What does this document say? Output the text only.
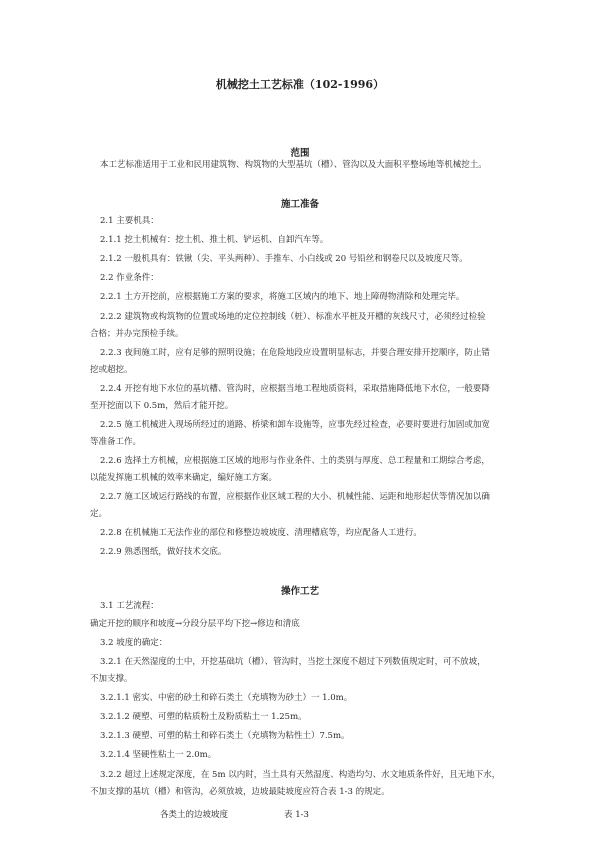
机械挖土工艺标准（102-1996）
范围
本工艺标准适用于工业和民用建筑物、构筑物的大型基坑（槽）、管沟以及大面积平整场地等机械挖土。
施工准备
2.1 主要机具：
2.1.1 挖土机械有：挖土机、推土机、铲运机、自卸汽车等。
2.1.2 一般机具有：铁锹（尖、平头两种）、手推车、小白线或 20 号铅丝和钢卷尺以及坡度尺等。
2.2 作业条件：
2.2.1 土方开挖前，应根据施工方案的要求，将施工区域内的地下、地上障碍物清除和处理完毕。
2.2.2 建筑物或构筑物的位置或场地的定位控制线（桩）、标准水平桩及开槽的灰线尺寸，必须经过检验
合格；并办完预检手续。
2.2.3 夜间施工时，应有足够的照明设施；在危险地段应设置明显标志，并要合理安排开挖顺序，防止错
挖或超挖。
2.2.4 开挖有地下水位的基坑槽、管沟时，应根据当地工程地质资料，采取措施降低地下水位，一般要降
至开挖面以下 0.5m，然后才能开挖。
2.2.5 施工机械进入现场所经过的道路、桥梁和卸车设施等，应事先经过检查，必要时要进行加固或加宽
等准备工作。
2.2.6 选择土方机械，应根据施工区域的地形与作业条件、土的类别与厚度、总工程量和工期综合考虑，
以能发挥施工机械的效率来确定，编好施工方案。
2.2.7 施工区域运行路线的布置，应根据作业区域工程的大小、机械性能、运距和地形起伏等情况加以确
定。
2.2.8 在机械施工无法作业的部位和修整边坡坡度、清理槽底等，均应配备人工进行。
2.2.9 熟悉图纸，做好技术交底。
操作工艺
3.1 工艺流程：
确定开挖的顺序和坡度→分段分层平均下挖→修边和清底
3.2 坡度的确定：
3.2.1 在天然湿度的土中，开挖基础坑（槽）、管沟时，当挖土深度不超过下列数值规定时，可不放坡，
不加支撑。
3.2.1.1 密实、中密的砂土和碎石类土（充填物为砂土）一 1.0m。
3.2.1.2 硬塑、可塑的粘质粉土及粉质粘土一 1.25m。
3.2.1.3 硬塑、可塑的粘土和碎石类土（充填物为粘性土）7.5m。
3.2.1.4 坚硬性粘土一 2.0m。
3.2.2 超过上述规定深度，在 5m 以内时，当土具有天然湿度、构造均匀、水文地质条件好，且无地下水，
不加支撑的基坑（槽）和管沟，必须放坡，边坡最陡坡度应符合表 1-3 的规定。
各类土的边坡坡度	表 1-3
